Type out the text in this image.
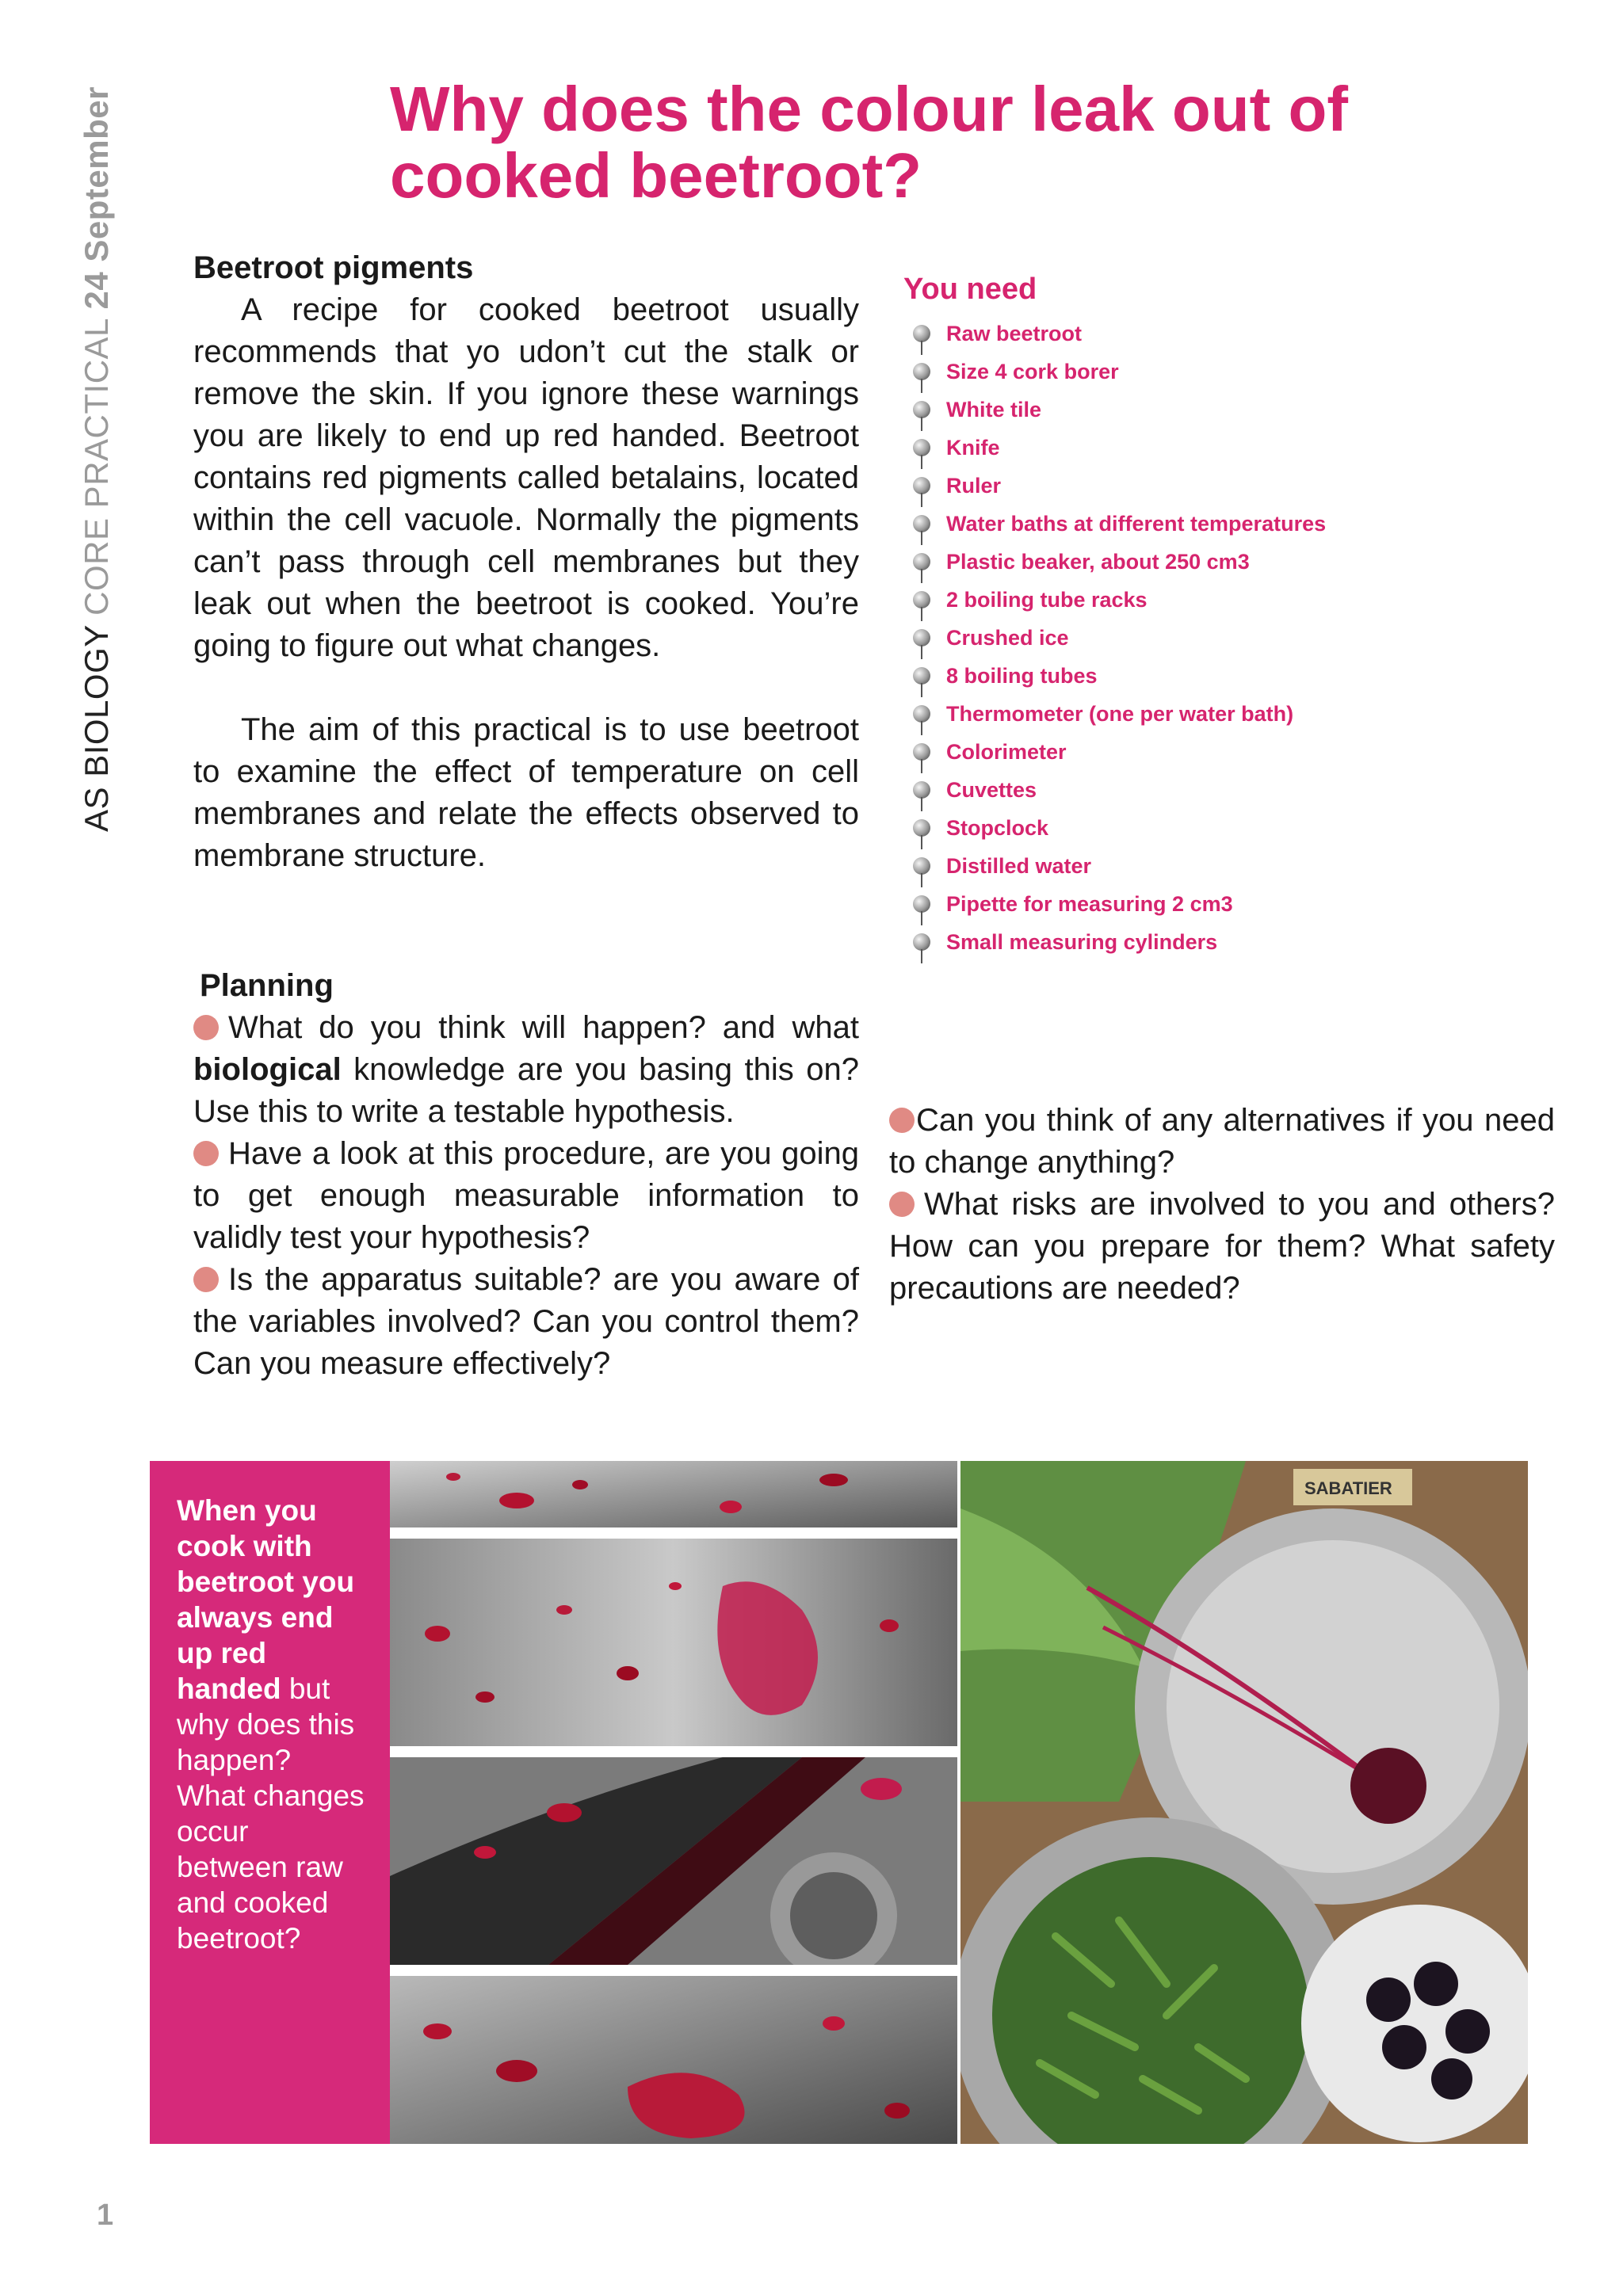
AS BIOLOGY CORE PRACTICAL 24 September	Why does the colour leak out of cooked beetroot?
Beetroot pigments

A recipe for cooked beetroot usually recommends that yo udon’t cut the stalk or remove the skin. If you ignore these warnings you are likely to end up red handed. Beetroot contains red pigments called betalains, located within the cell vacuole. Normally the pigments can’t pass through cell membranes but they leak out when the beetroot is cooked. You’re going to figure out what changes.

The aim of this practical is to use beetroot to examine the effect of temperature on cell membranes and relate the effects observed to membrane structure.

Planning

What do you think will happen? and what biological knowledge are you basing this on? Use this to write a testable hypothesis.

Have a look at this procedure, are you going to get enough measurable information to validly test your hypothesis?

Is the apparatus suitable? are you aware of the variables involved? Can you control them? Can you measure effectively?

You need
Raw beetroot
Size 4 cork borer
White tile
Knife
Ruler
Water baths at different temperatures
Plastic beaker, about 250 cm3
2 boiling tube racks
Crushed ice
8 boiling tubes
Thermometer (one per water bath)
Colorimeter
Cuvettes
Stopclock
Distilled water
Pipette for measuring 2 cm3
Small measuring cylinders

Can you think of any alternatives if you need to change anything?

What risks are involved to you and others? How can you prepare for them? What safety precautions are needed?

When you cook with beetroot you always end up red handed but why does this happen? What changes occur between raw and cooked beetroot?
SABATIER
1
